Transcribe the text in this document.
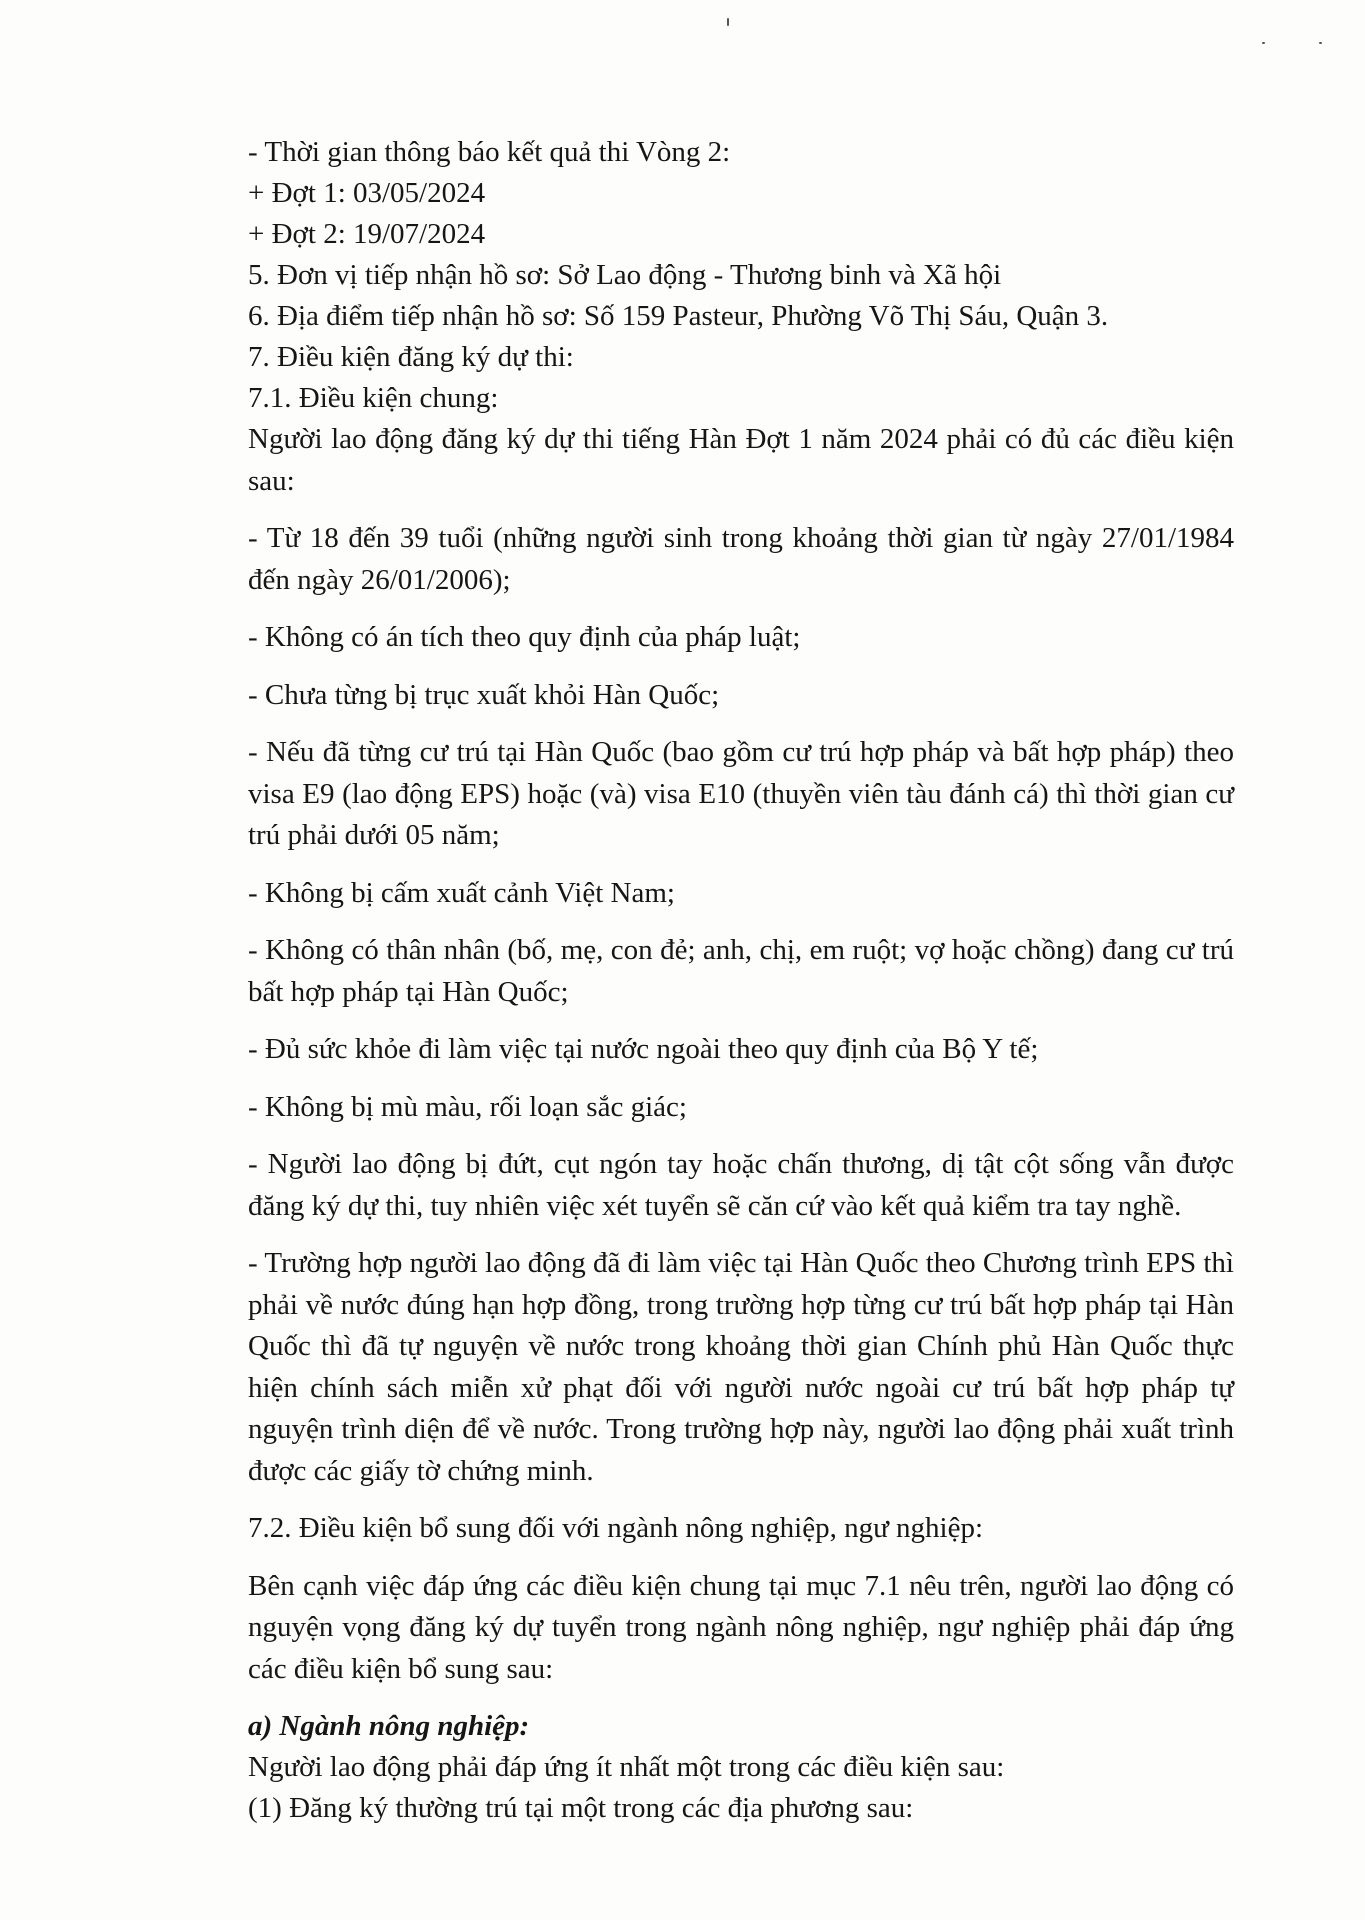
- Thời gian thông báo kết quả thi Vòng 2:

+ Đợt 1: 03/05/2024

+ Đợt 2: 19/07/2024

5. Đơn vị tiếp nhận hồ sơ: Sở Lao động - Thương binh và Xã hội

6. Địa điểm tiếp nhận hồ sơ: Số 159 Pasteur, Phường Võ Thị Sáu, Quận 3.

7. Điều kiện đăng ký dự thi:

7.1. Điều kiện chung:

Người lao động đăng ký dự thi tiếng Hàn Đợt 1 năm 2024 phải có đủ các điều kiện sau:

- Từ 18 đến 39 tuổi (những người sinh trong khoảng thời gian từ ngày 27/01/1984 đến ngày 26/01/2006);

- Không có án tích theo quy định của pháp luật;

- Chưa từng bị trục xuất khỏi Hàn Quốc;

- Nếu đã từng cư trú tại Hàn Quốc (bao gồm cư trú hợp pháp và bất hợp pháp) theo visa E9 (lao động EPS) hoặc (và) visa E10 (thuyền viên tàu đánh cá) thì thời gian cư trú phải dưới 05 năm;

- Không bị cấm xuất cảnh Việt Nam;

- Không có thân nhân (bố, mẹ, con đẻ; anh, chị, em ruột; vợ hoặc chồng) đang cư trú bất hợp pháp tại Hàn Quốc;

- Đủ sức khỏe đi làm việc tại nước ngoài theo quy định của Bộ Y tế;

- Không bị mù màu, rối loạn sắc giác;

- Người lao động bị đứt, cụt ngón tay hoặc chấn thương, dị tật cột sống vẫn được đăng ký dự thi, tuy nhiên việc xét tuyển sẽ căn cứ vào kết quả kiểm tra tay nghề.

- Trường hợp người lao động đã đi làm việc tại Hàn Quốc theo Chương trình EPS thì phải về nước đúng hạn hợp đồng, trong trường hợp từng cư trú bất hợp pháp tại Hàn Quốc thì đã tự nguyện về nước trong khoảng thời gian Chính phủ Hàn Quốc thực hiện chính sách miễn xử phạt đối với người nước ngoài cư trú bất hợp pháp tự nguyện trình diện để về nước. Trong trường hợp này, người lao động phải xuất trình được các giấy tờ chứng minh.

7.2. Điều kiện bổ sung đối với ngành nông nghiệp, ngư nghiệp:

Bên cạnh việc đáp ứng các điều kiện chung tại mục 7.1 nêu trên, người lao động có nguyện vọng đăng ký dự tuyển trong ngành nông nghiệp, ngư nghiệp phải đáp ứng các điều kiện bổ sung sau:

a) Ngành nông nghiệp:

Người lao động phải đáp ứng ít nhất một trong các điều kiện sau:

(1) Đăng ký thường trú tại một trong các địa phương sau:
